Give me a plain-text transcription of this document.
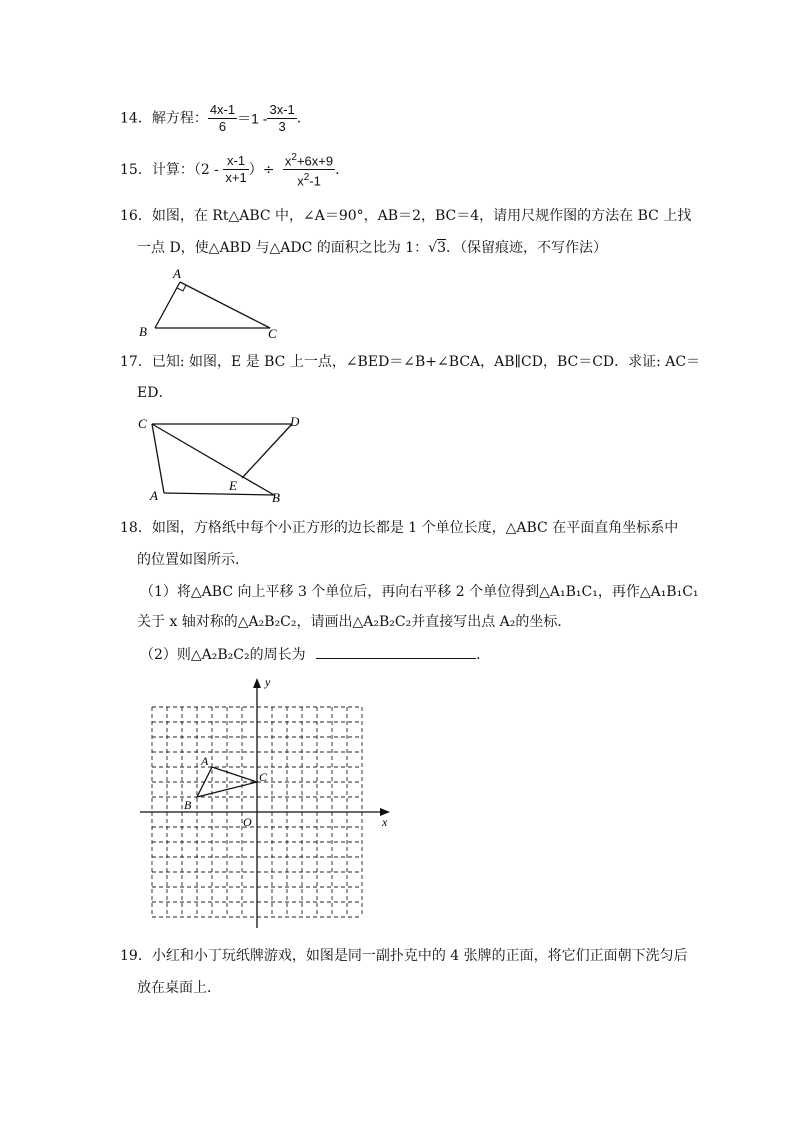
14．解方程： $\frac{4x-1}{6} =1 - \frac{3x-1}{3}$ .
15．计算：（$2 - \frac{x-1}{x+1}$ ）÷ $\frac{x^2+6x+9}{x^2-1}$ .
16．如图，在 Rt△ABC 中，∠A＝90°，AB＝2，BC＝4，请用尺规作图的方法在 BC 上找
一点 D，使△ABD 与△ADC 的面积之比为 1：√3．（保留痕迹，不写作法）
A
B	C
17．已知: 如图，E 是 BC 上一点，∠BED＝∠B+∠BCA，AB∥CD，BC＝CD．求证: AC＝
ED．
C	D
E
A	B
18．如图，方格纸中每个小正方形的边长都是 1 个单位长度，△ABC 在平面直角坐标系中
的位置如图所示．
（1）将△ABC 向上平移 3 个单位后，再向右平移 2 个单位得到△A₁B₁C₁，再作△A₁B₁C₁
关于 x 轴对称的△A₂B₂C₂，请画出△A₂B₂C₂并直接写出点 A₂的坐标．
（2）则△A₂B₂C₂的周长为	．
y
x
O
A
B
C
19．小红和小丁玩纸牌游戏，如图是同一副扑克中的 4 张牌的正面，将它们正面朝下洗匀后
放在桌面上．
